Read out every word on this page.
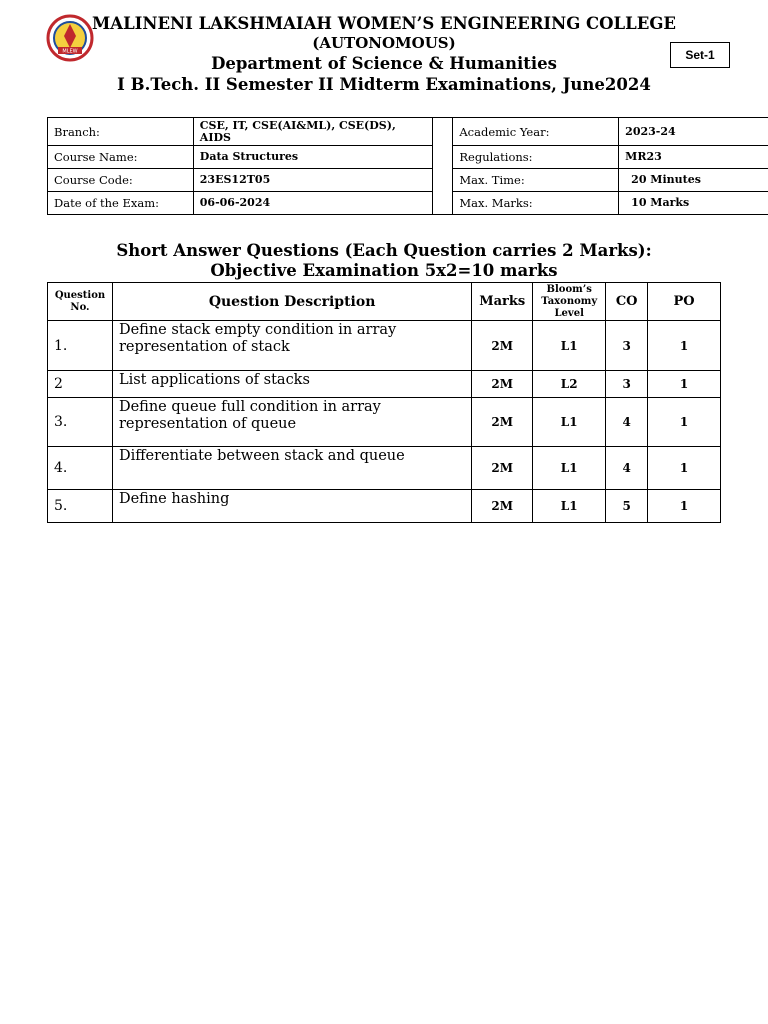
MLEW
MALINENI LAKSHMAIAH WOMEN’S ENGINEERING COLLEGE
(AUTONOMOUS)
Department of Science & Humanities
I B.Tech. II Semester II Midterm Examinations, June2024
Set-1
Branch:	CSE, IT, CSE(AI&ML), CSE(DS), AIDS		Academic Year:	2023-24
Course Name:	Data Structures		Regulations:	MR23
Course Code:	23ES12T05		Max. Time:	20 Minutes
Date of the Exam:	06-06-2024		Max. Marks:	10 Marks
Short Answer Questions (Each Question carries 2 Marks):
Objective Examination 5x2=10 marks
Question No.	Question Description	Marks	Bloom’s Taxonomy Level	CO	PO
1.	Define stack empty condition in array representation of stack	2M	L1	3	1
2	List applications of stacks	2M	L2	3	1
3.	Define queue full condition in array representation of queue	2M	L1	4	1
4.	Differentiate between stack and queue	2M	L1	4	1
5.	Define hashing	2M	L1	5	1
